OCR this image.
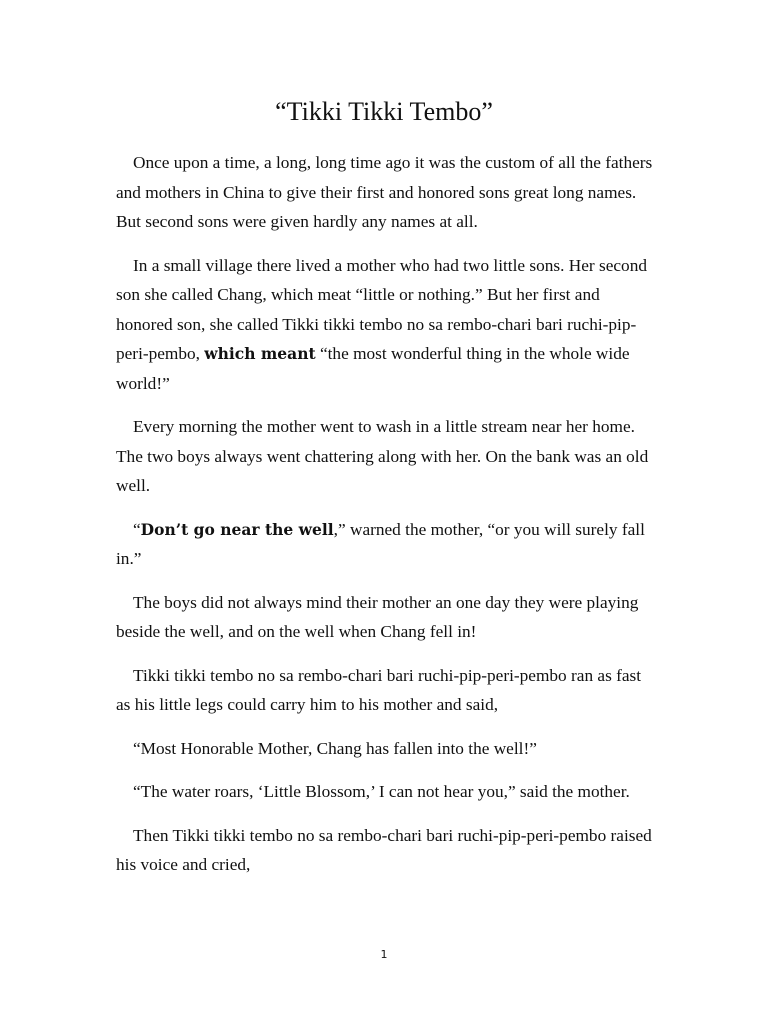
“Tikki Tikki Tembo”

Once upon a time, a long, long time ago it was the custom of all the fathers and mothers in China to give their first and honored sons great long names. But second sons were given hardly any names at all.

In a small village there lived a mother who had two little sons. Her second son she called Chang, which meat “little or nothing.” But her first and honored son, she called Tikki tikki tembo no sa rembo-chari bari ruchi-pip-peri-pembo, which meant “the most wonderful thing in the whole wide world!”

Every morning the mother went to wash in a little stream near her home. The two boys always went chattering along with her. On the bank was an old well.

“Don’t go near the well,” warned the mother, “or you will surely fall in.”

The boys did not always mind their mother an one day they were playing beside the well, and on the well when Chang fell in!

Tikki tikki tembo no sa rembo-chari bari ruchi-pip-peri-pembo ran as fast as his little legs could carry him to his mother and said,

“Most Honorable Mother, Chang has fallen into the well!”

“The water roars, ‘Little Blossom,’ I can not hear you,” said the mother.

Then Tikki tikki tembo no sa rembo-chari bari ruchi-pip-peri-pembo raised his voice and cried,

1
